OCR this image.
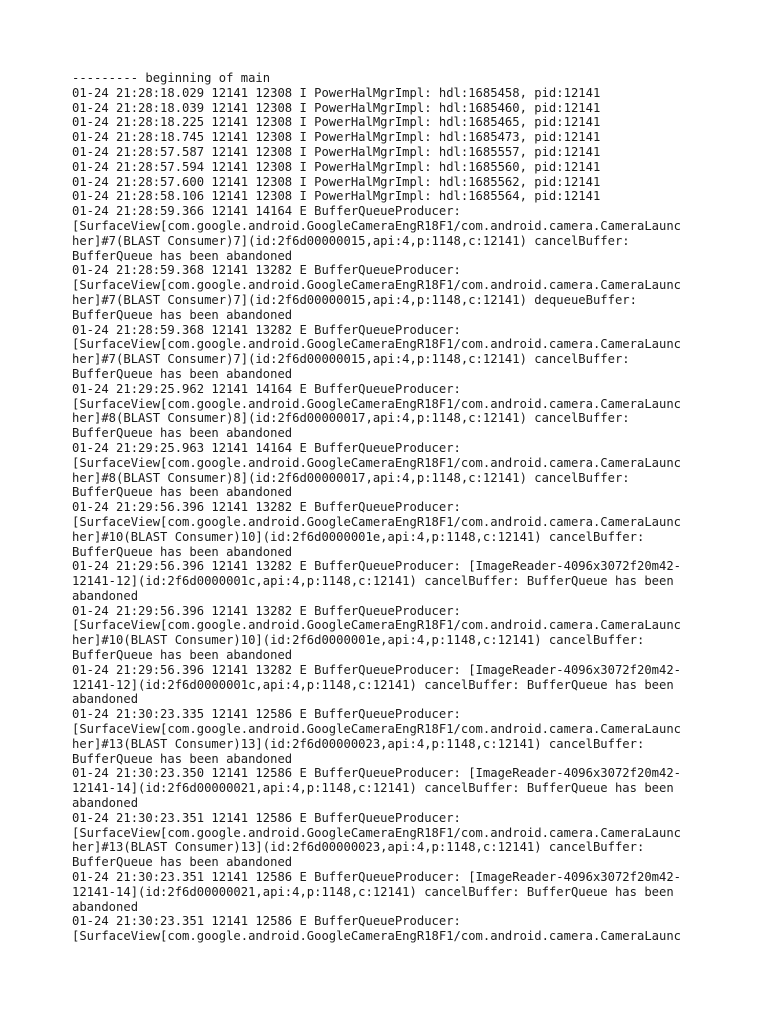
--------- beginning of main
01-24 21:28:18.029 12141 12308 I PowerHalMgrImpl: hdl:1685458, pid:12141
01-24 21:28:18.039 12141 12308 I PowerHalMgrImpl: hdl:1685460, pid:12141
01-24 21:28:18.225 12141 12308 I PowerHalMgrImpl: hdl:1685465, pid:12141
01-24 21:28:18.745 12141 12308 I PowerHalMgrImpl: hdl:1685473, pid:12141
01-24 21:28:57.587 12141 12308 I PowerHalMgrImpl: hdl:1685557, pid:12141
01-24 21:28:57.594 12141 12308 I PowerHalMgrImpl: hdl:1685560, pid:12141
01-24 21:28:57.600 12141 12308 I PowerHalMgrImpl: hdl:1685562, pid:12141
01-24 21:28:58.106 12141 12308 I PowerHalMgrImpl: hdl:1685564, pid:12141
01-24 21:28:59.366 12141 14164 E BufferQueueProducer:
[SurfaceView[com.google.android.GoogleCameraEngR18F1/com.android.camera.CameraLaunc
her]#7(BLAST Consumer)7](id:2f6d00000015,api:4,p:1148,c:12141) cancelBuffer:
BufferQueue has been abandoned
01-24 21:28:59.368 12141 13282 E BufferQueueProducer:
[SurfaceView[com.google.android.GoogleCameraEngR18F1/com.android.camera.CameraLaunc
her]#7(BLAST Consumer)7](id:2f6d00000015,api:4,p:1148,c:12141) dequeueBuffer:
BufferQueue has been abandoned
01-24 21:28:59.368 12141 13282 E BufferQueueProducer:
[SurfaceView[com.google.android.GoogleCameraEngR18F1/com.android.camera.CameraLaunc
her]#7(BLAST Consumer)7](id:2f6d00000015,api:4,p:1148,c:12141) cancelBuffer:
BufferQueue has been abandoned
01-24 21:29:25.962 12141 14164 E BufferQueueProducer:
[SurfaceView[com.google.android.GoogleCameraEngR18F1/com.android.camera.CameraLaunc
her]#8(BLAST Consumer)8](id:2f6d00000017,api:4,p:1148,c:12141) cancelBuffer:
BufferQueue has been abandoned
01-24 21:29:25.963 12141 14164 E BufferQueueProducer:
[SurfaceView[com.google.android.GoogleCameraEngR18F1/com.android.camera.CameraLaunc
her]#8(BLAST Consumer)8](id:2f6d00000017,api:4,p:1148,c:12141) cancelBuffer:
BufferQueue has been abandoned
01-24 21:29:56.396 12141 13282 E BufferQueueProducer:
[SurfaceView[com.google.android.GoogleCameraEngR18F1/com.android.camera.CameraLaunc
her]#10(BLAST Consumer)10](id:2f6d0000001e,api:4,p:1148,c:12141) cancelBuffer:
BufferQueue has been abandoned
01-24 21:29:56.396 12141 13282 E BufferQueueProducer: [ImageReader-4096x3072f20m42-
12141-12](id:2f6d0000001c,api:4,p:1148,c:12141) cancelBuffer: BufferQueue has been
abandoned
01-24 21:29:56.396 12141 13282 E BufferQueueProducer:
[SurfaceView[com.google.android.GoogleCameraEngR18F1/com.android.camera.CameraLaunc
her]#10(BLAST Consumer)10](id:2f6d0000001e,api:4,p:1148,c:12141) cancelBuffer:
BufferQueue has been abandoned
01-24 21:29:56.396 12141 13282 E BufferQueueProducer: [ImageReader-4096x3072f20m42-
12141-12](id:2f6d0000001c,api:4,p:1148,c:12141) cancelBuffer: BufferQueue has been
abandoned
01-24 21:30:23.335 12141 12586 E BufferQueueProducer:
[SurfaceView[com.google.android.GoogleCameraEngR18F1/com.android.camera.CameraLaunc
her]#13(BLAST Consumer)13](id:2f6d00000023,api:4,p:1148,c:12141) cancelBuffer:
BufferQueue has been abandoned
01-24 21:30:23.350 12141 12586 E BufferQueueProducer: [ImageReader-4096x3072f20m42-
12141-14](id:2f6d00000021,api:4,p:1148,c:12141) cancelBuffer: BufferQueue has been
abandoned
01-24 21:30:23.351 12141 12586 E BufferQueueProducer:
[SurfaceView[com.google.android.GoogleCameraEngR18F1/com.android.camera.CameraLaunc
her]#13(BLAST Consumer)13](id:2f6d00000023,api:4,p:1148,c:12141) cancelBuffer:
BufferQueue has been abandoned
01-24 21:30:23.351 12141 12586 E BufferQueueProducer: [ImageReader-4096x3072f20m42-
12141-14](id:2f6d00000021,api:4,p:1148,c:12141) cancelBuffer: BufferQueue has been
abandoned
01-24 21:30:23.351 12141 12586 E BufferQueueProducer:
[SurfaceView[com.google.android.GoogleCameraEngR18F1/com.android.camera.CameraLaunc
